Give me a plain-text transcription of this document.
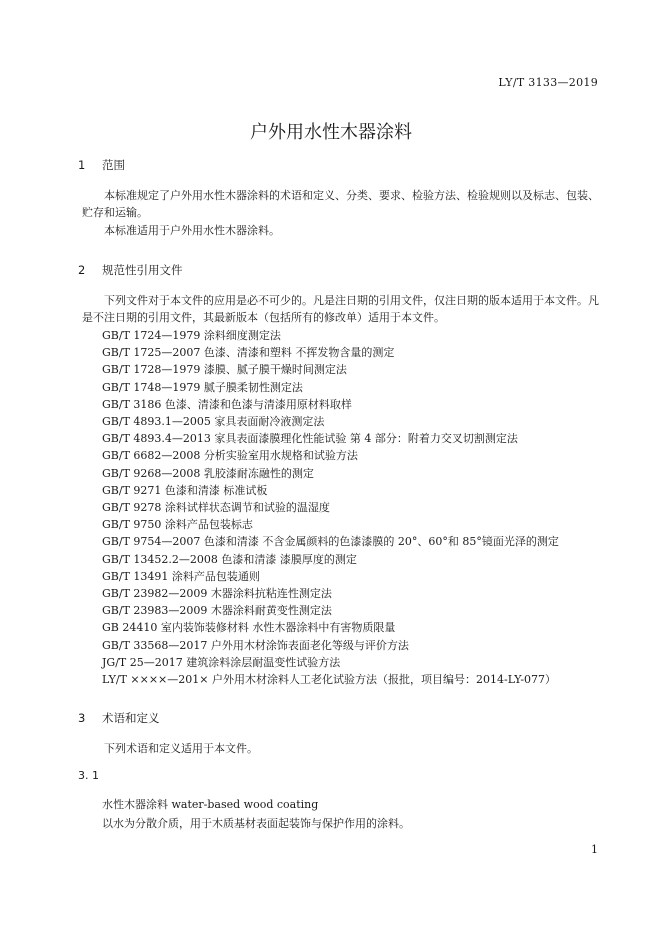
LY/T 3133—2019
户外用水性木器涂料
1 范围

本标准规定了户外用水性木器涂料的术语和定义、分类、要求、检验方法、检验规则以及标志、包装、贮存和运输。

本标准适用于户外用水性木器涂料。

2 规范性引用文件

下列文件对于本文件的应用是必不可少的。凡是注日期的引用文件，仅注日期的版本适用于本文件。凡是不注日期的引用文件，其最新版本（包括所有的修改单）适用于本文件。

GB/T 1724—1979 涂料细度测定法
GB/T 1725—2007 色漆、清漆和塑料 不挥发物含量的测定
GB/T 1728—1979 漆膜、腻子膜干燥时间测定法
GB/T 1748—1979 腻子膜柔韧性测定法
GB/T 3186 色漆、清漆和色漆与清漆用原材料取样
GB/T 4893.1—2005 家具表面耐冷液测定法
GB/T 4893.4—2013 家具表面漆膜理化性能试验 第 4 部分：附着力交叉切割测定法
GB/T 6682—2008 分析实验室用水规格和试验方法
GB/T 9268—2008 乳胶漆耐冻融性的测定
GB/T 9271 色漆和清漆 标准试板
GB/T 9278 涂料试样状态调节和试验的温湿度
GB/T 9750 涂料产品包装标志
GB/T 9754—2007 色漆和清漆 不含金属颜料的色漆漆膜的 20°、60°和 85°镜面光泽的测定
GB/T 13452.2—2008 色漆和清漆 漆膜厚度的测定
GB/T 13491 涂料产品包装通则
GB/T 23982—2009 木器涂料抗粘连性测定法
GB/T 23983—2009 木器涂料耐黄变性测定法
GB 24410 室内装饰装修材料 水性木器涂料中有害物质限量
GB/T 33568—2017 户外用木材涂饰表面老化等级与评价方法
JG/T 25—2017 建筑涂料涂层耐温变性试验方法
LY/T ××××—201× 户外用木材涂料人工老化试验方法（报批，项目编号：2014-LY-077）
3 术语和定义

下列术语和定义适用于本文件。

3. 1
水性木器涂料 water-based wood coating
以水为分散介质，用于木质基材表面起装饰与保护作用的涂料。
1
